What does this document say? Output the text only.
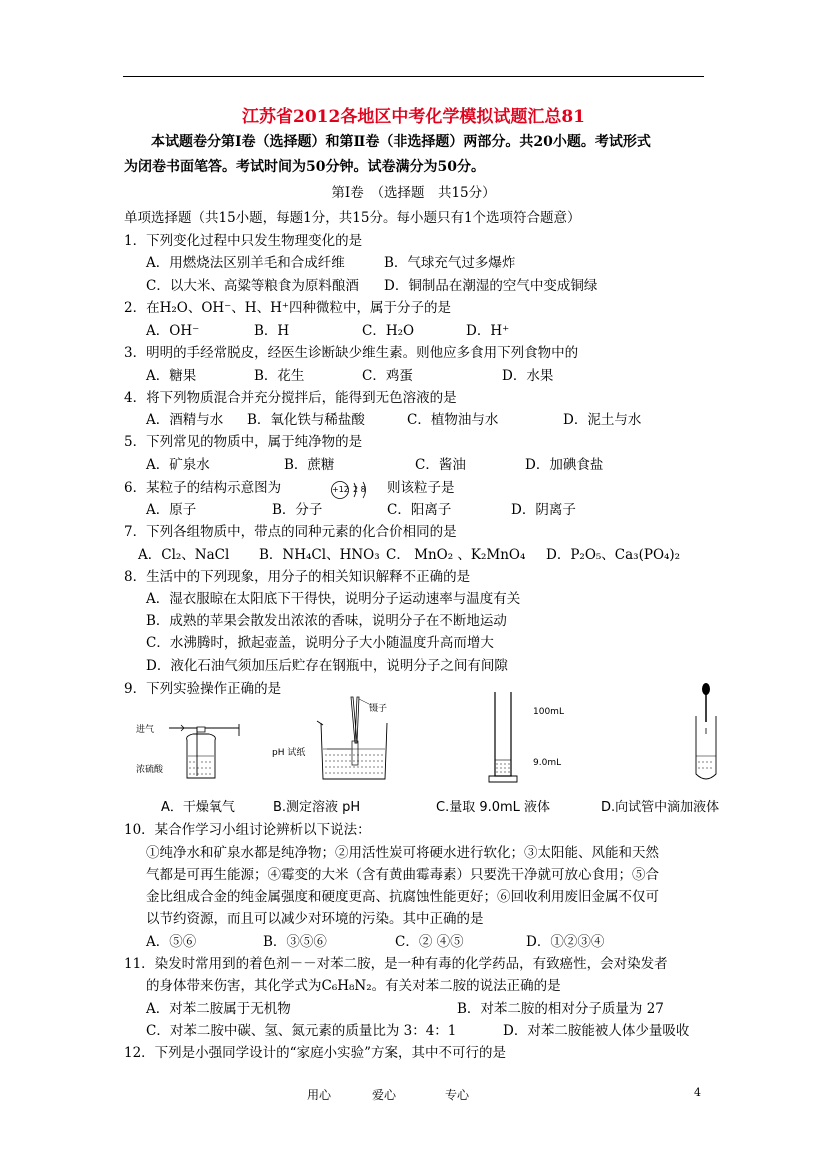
江苏省2012各地区中考化学模拟试题汇总81
本试题卷分第Ⅰ卷（选择题）和第Ⅱ卷（非选择题）两部分。共20小题。考试形式
为闭卷书面笔答。考试时间为50分钟。试卷满分为50分。
第Ⅰ卷　（选择题　共15分）
单项选择题（共15小题，每题1分，共15分。每小题只有1个选项符合题意）
1．下列变化过程中只发生物理变化的是
A．用燃烧法区别羊毛和合成纤维	B．气球充气过多爆炸
C．以大米、高粱等粮食为原料酿酒 D．铜制品在潮湿的空气中变成铜绿
2．在H₂O、OH⁻、H、H⁺四种微粒中，属于分子的是
A．OH⁻	B．H	C．H₂O	D．H⁺
3．明明的手经常脱皮，经医生诊断缺少维生素。则他应多食用下列食物中的
A．糖果	B．花生	C．鸡蛋	D．水果
4．将下列物质混合并充分搅拌后，能得到无色溶液的是
A．酒精与水 B．氧化铁与稀盐酸	C．植物油与水	D．泥土与水
5．下列常见的物质中，属于纯净物的是
A．矿泉水	B．蔗糖	C．酱油	D．加碘食盐
6．某粒子的结构示意图为	+12 2 8 则该粒子是
A．原子	B．分子	C．阳离子	D．阴离子
7．下列各组物质中，带点的同种元素的化合价相同的是
A．Cl₂、NaCl B．NH₄Cl、HNO₃ C． MnO₂ 、K₂MnO₄ D．P₂O₅、Ca₃(PO₄)₂
8．生活中的下列现象，用分子的相关知识解释不正确的是
A．湿衣服晾在太阳底下干得快，说明分子运动速率与温度有关
B．成熟的苹果会散发出浓浓的香味，说明分子在不断地运动
C．水沸腾时，掀起壶盖，说明分子大小随温度升高而增大
D．液化石油气须加压后贮存在钢瓶中，说明分子之间有间隙
9．下列实验操作正确的是
进气
浓硫酸
镊子
pH 试纸
100mL
9.0mL
A．干燥氧气	B.测定溶液 pH	C.量取 9.0mL 液体	D.向试管中滴加液体
10．某合作学习小组讨论辨析以下说法：
①纯净水和矿泉水都是纯净物；②用活性炭可将硬水进行软化；③太阳能、风能和天然
气都是可再生能源；④霉变的大米（含有黄曲霉毒素）只要洗干净就可放心食用；⑤合
金比组成合金的纯金属强度和硬度更高、抗腐蚀性能更好；⑥回收利用废旧金属不仅可
以节约资源，而且可以减少对环境的污染。其中正确的是
A．⑤⑥	B．③⑤⑥	C．② ④⑤	D．①②③④
11．染发时常用到的着色剂－－对苯二胺，是一种有毒的化学药品，有致癌性，会对染发者
的身体带来伤害，其化学式为C₆H₈N₂。有关对苯二胺的说法正确的是
A．对苯二胺属于无机物	B．对苯二胺的相对分子质量为 27
C．对苯二胺中碳、氢、氮元素的质量比为 3：4：1	D．对苯二胺能被人体少量吸收
12．下列是小强同学设计的“家庭小实验”方案，其中不可行的是
用心	爱心	专心	4
